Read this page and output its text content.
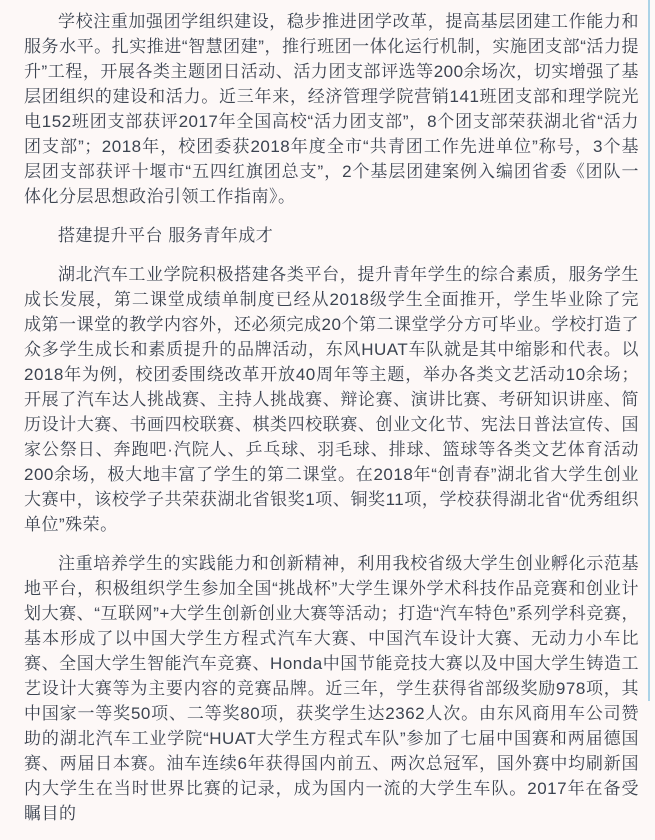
学校注重加强团学组织建设，稳步推进团学改革，提高基层团建工作能力和服务水平。扎实推进“智慧团建”，推行班团一体化运行机制，实施团支部“活力提升”工程，开展各类主题团日活动、活力团支部评选等200余场次，切实增强了基层团组织的建设和活力。近三年来，经济管理学院营销141班团支部和理学院光电152班团支部获评2017年全国高校“活力团支部”，8个团支部荣获湖北省“活力团支部”；2018年，校团委获2018年度全市“共青团工作先进单位”称号，3个基层团支部获评十堰市“五四红旗团总支”，2个基层团建案例入编团省委《团队一体化分层思想政治引领工作指南》。

搭建提升平台 服务青年成才

湖北汽车工业学院积极搭建各类平台，提升青年学生的综合素质，服务学生成长发展，第二课堂成绩单制度已经从2018级学生全面推开，学生毕业除了完成第一课堂的教学内容外，还必须完成20个第二课堂学分方可毕业。学校打造了众多学生成长和素质提升的品牌活动，东风HUAT车队就是其中缩影和代表。以2018年为例，校团委围绕改革开放40周年等主题，举办各类文艺活动10余场；开展了汽车达人挑战赛、主持人挑战赛、辩论赛、演讲比赛、考研知识讲座、简历设计大赛、书画四校联赛、棋类四校联赛、创业文化节、宪法日普法宣传、国家公祭日、奔跑吧·汽院人、乒乓球、羽毛球、排球、篮球等各类文艺体育活动200余场，极大地丰富了学生的第二课堂。在2018年“创青春”湖北省大学生创业大赛中，该校学子共荣获湖北省银奖1项、铜奖11项，学校获得湖北省“优秀组织单位”殊荣。

注重培养学生的实践能力和创新精神，利用我校省级大学生创业孵化示范基地平台，积极组织学生参加全国“挑战杯”大学生课外学术科技作品竞赛和创业计划大赛、“互联网”+大学生创新创业大赛等活动；打造“汽车特色”系列学科竞赛，基本形成了以中国大学生方程式汽车大赛、中国汽车设计大赛、无动力小车比赛、全国大学生智能汽车竞赛、Honda中国节能竞技大赛以及中国大学生铸造工艺设计大赛等为主要内容的竞赛品牌。近三年，学生获得省部级奖励978项，其中国家一等奖50项、二等奖80项，获奖学生达2362人次。由东风商用车公司赞助的湖北汽车工业学院“HUAT大学生方程式车队”参加了七届中国赛和两届德国赛、两届日本赛。油车连续6年获得国内前五、两次总冠军，国外赛中均刷新国内大学生在当时世界比赛的记录，成为国内一流的大学生车队。2017年在备受瞩目的
